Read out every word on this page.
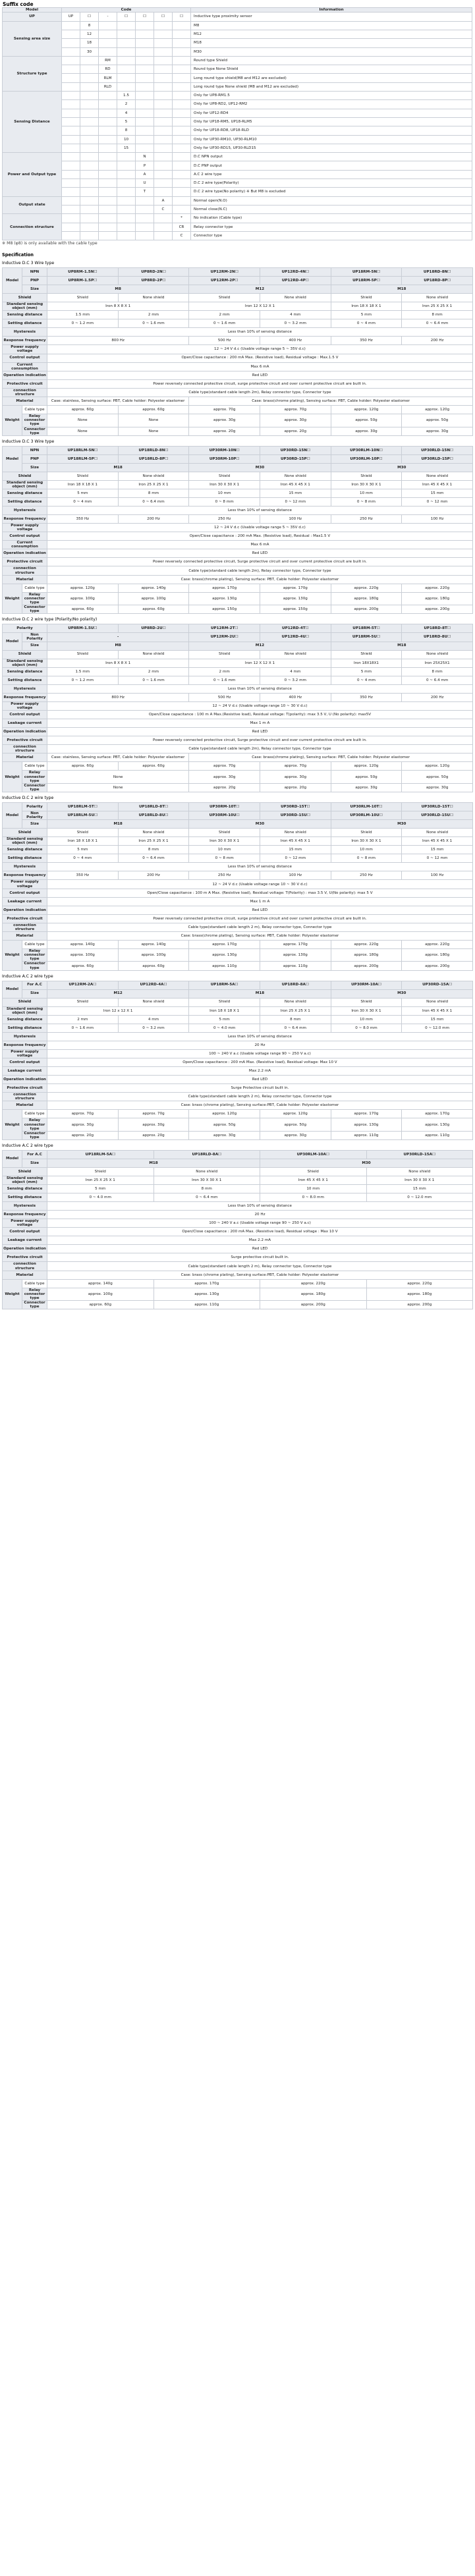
Suffix code
Model	Code							Information
UP	UP	☐	-	☐	☐	☐	☐	Inductive type proximity sensor
Sensing area size		8						M8
		12						M12
		18						M18
		30						M30
Structure type			RM					Round type Shield
			RD					Round type None Shield
			RLM					Long round type shield(M8 and M12 are excluded)
			RLD					Long round type None shield (M8 and M12 are excluded)
Sensing Distance				1.5				Only for UP8-RM1.5
				2				Only for UP8-RD2, UP12-RM2
				4				Only for UP12-RD4
				5				Only for UP18-RM5, UP18-RLM5
				8				Only for UP18-RD8, UP18-RLD
				10				Only for UP30-RM10, UP30-RLM10
				15				Only for UP30-RD15, UP30-RLD15
Power and Output type					N			D.C NPN output
					P			D.C PNP output
					A			A.C 2 wire type
					U			D.C 2 wire type(Polarity)
					T			D.C 2 wire type(No polarity) ※ But M8 is excluded
Output state						A		Normal open(N.O)
						C		Normal close(N.C)
Connection structure							*	No indication (Cable type)
							CR	Relay connector type
							C	Connector type
※ M8 (φ8) is only available with the cable type
Specification
Inductive D.C 3 Wire type
Model	NPN	UP8RM-1.5N☐	UP8RD-2N☐	UP12RM-2N☐	UP12RD-4N☐	UP18RM-5N☐	UP18RD-8N☐
	PNP	UP8RM-1.5P☐	UP8RD-2P☐	UP12RM-2P☐	UP12RD-4P☐	UP18RM-5P☐	UP18RD-8P☐
	Size	M8		M12		M18	
Shield		Shield	None shield	Shield	None shield	Shield	None shield
Standard sensing object (mm)		Iron 8 X 8 X 1		Iron 12 X 12 X 1		Iron 18 X 18 X 1	Iron 25 X 25 X 1
Sensing distance		1.5 mm	2 mm	2 mm	4 mm	5 mm	8 mm
Setting distance		0 ~ 1.2 mm	0 ~ 1.6 mm	0 ~ 1.6 mm	0 ~ 3.2 mm	0 ~ 4 mm	0 ~ 6.4 mm
Hysteresis		Less than 10% of sensing distance					
Response frequency		800 Hz		500 Hz	400 Hz	350 Hz	200 Hz
Power supply voltage		12 ~ 24 V d.c (Usable voltage range 5 ~ 35V d.c)					
Control output		Open/Close capacitance : 200 mA Max. (Resistive load), Residual voltage : Max.1.5 V					
Current consumption		Max 6 mA					
Operation indication		Red LED					
Protective circuit		Power reversely connected protective circuit, surge protective circuit and over current protective circuit are built in.					
connection structure		Cable type(standard cable length 2m), Relay connector type, Connector type					
Material		Case: stainless, Sensing surface: PBT, Cable holder: Polyester elastomer		Case: brass(chrome plating), Sensing surface: PBT, Cable holder: Polyester elastomer			
Weight	Cable type	approx. 60g	approx. 60g	approx. 70g	approx. 70g	approx. 120g	approx. 120g
	Relay connector type	None	None	approx. 30g	approx. 30g	approx. 50g	approx. 50g
	Connector type	None	None	approx. 20g	approx. 20g	approx. 30g	approx. 30g
Inductive D.C 3 Wire type
Model	NPN	UP18RLM-5N☐	UP18RLD-8N☐	UP30RM-10N☐	UP30RD-15N☐	UP30RLM-10N☐	UP30RLD-15N☐
	PNP	UP18RLM-5P☐	UP18RLD-8P☐	UP30RM-10P☐	UP30RD-15P☐	UP30RLM-10P☐	UP30RLD-15P☐
	Size	M18		M30		M30	
Shield		Shield	None shield	Shield	None shield	Shield	None shield
Standard sensing object (mm)		Iron 18 X 18 X 1	Iron 25 X 25 X 1	Iron 30 X 30 X 1	Iron 45 X 45 X 1	Iron 30 X 30 X 1	Iron 45 X 45 X 1
Sensing distance		5 mm	8 mm	10 mm	15 mm	10 mm	15 mm
Setting distance		0 ~ 4 mm	0 ~ 6.4 mm	0 ~ 8 mm	0 ~ 12 mm	0 ~ 8 mm	0 ~ 12 mm
Hysteresis		Less than 10% of sensing distance					
Response frequency		350 Hz	200 Hz	250 Hz	100 Hz	250 Hz	100 Hz
Power supply voltage		12 ~ 24 V d.c (Usable voltage range 5 ~ 35V d.c)					
Control output		Open/Close capacitance : 200 mA Max. (Resistive load), Residual : Max1.5 V					
Current consumption		Max 6 mA					
Operation indication		Red LED					
Protective circuit		Power reversely connected protective circuit, Surge protective circuit and over current protective circuit are built in.					
connection structure		Cable type(standard cable length 2m), Relay connector type, Connector type					
Material		Case: brass(chrome plating), Sensing surface: PBT, Cable holder: Polyester elastomer					
Weight	Cable type	approx. 120g	approx. 140g	approx. 170g	approx. 170g	approx. 220g	approx. 220g
	Relay connector type	approx. 100g	approx. 100g	approx. 130g	approx. 130g	approx. 180g	approx. 180g
	Connector type	approx. 60g	approx. 60g	approx. 150g	approx. 150g	approx. 200g	approx. 200g
Inductive D.C 2 wire type (Polarity/No polarity)
Polarity		UP8RM-1.5U☐	UP8RD-2U☐	UP12RM-2T☐	UP12RD-4T☐	UP18RM-5T☐	UP18RD-8T☐
Model	Non Polarity	-		UP12RM-2U☐	UP12RD-4U☐	UP18RM-5U☐	UP18RD-8U☐
	Size	M8		M12		M18	
Shield		Shield	None shield	Shield	None shield	Shield	None shield
Standard sensing object (mm)		Iron 8 X 8 X 1		Iron 12 X 12 X 1		Iron 18X18X1	Iron 25X25X1
Sensing distance		1.5 mm	2 mm	2 mm	4 mm	5 mm	8 mm
Setting distance		0 ~ 1.2 mm	0 ~ 1.6 mm	0 ~ 1.6 mm	0 ~ 3.2 mm	0 ~ 4 mm	0 ~ 6.4 mm
Hysteresis		Less than 10% of sensing distance					
Response frequency		800 Hz		500 Hz	400 Hz	350 Hz	200 Hz
Power supply voltage		12 ~ 24 V d.c (Usable voltage range 10 ~ 30 V d.c)					
Control output		Open/Close capacitance : 100 m A Max.(Resistive load), Residual voltage: T(polarity): max 3.5 V, U (No polarity): max5V					
Leakage current		Max 1 m A					
Operation indication		Red LED					
Protective circuit		Power reversely connected protective circuit, Surge protective circuit and over current protective circuit are built in.					
connection structure		Cable type(standard cable length 2m), Relay connector type, Connector type					
Material		Case: stainless, Sensing surface: PBT, Cable holder: Polyester elastomer		Case: brass(chrome plating), Sensing surface: PBT, Cable holder: Polyester elastomer			
Weight	Cable type	approx. 60g	approx. 60g	approx. 70g	approx. 70g	approx. 120g	approx. 120g
	Relay connector type	None		approx. 30g	approx. 30g	approx. 50g	approx. 50g
	Connector type	None		approx. 20g	approx. 20g	approx. 30g	approx. 30g
Inductive D.C 2 wire type
Model	Polarity	UP18RLM-5T☐	UP18RLD-8T☐	UP30RM-10T☐	UP30RD-15T☐	UP30RLM-10T☐	UP30RLD-15T☐
	Non Polarity	UP18RLM-5U☐	UP18RLD-8U☐	UP30RM-10U☐	UP30RD-15U☐	UP30RLM-10U☐	UP30RLD-15U☐
	Size	M18		M30		M30	
Shield		Shield	None shield	Shield	None shield	Shield	None shield
Standard sensing object (mm)		Iron 18 X 18 X 1	Iron 25 X 25 X 1	Iron 30 X 30 X 1	Iron 45 X 45 X 1	Iron 30 X 30 X 1	Iron 45 X 45 X 1
Sensing distance		5 mm	8 mm	10 mm	15 mm	10 mm	15 mm
Setting distance		0 ~ 4 mm	0 ~ 6.4 mm	0 ~ 8 mm	0 ~ 12 mm	0 ~ 8 mm	0 ~ 12 mm
Hysteresis		Less than 10% of sensing distance					
Response frequency		350 Hz	200 Hz	250 Hz	100 Hz	250 Hz	100 Hz
Power supply voltage		12 ~ 24 V d.c (Usable voltage range 10 ~ 30 V d.c)					
Control output		Open/Close capacitance : 100 m A Max. (Resistive load), Residual voltage: T(Polarity) : max 3.5 V, U(No polarity): max 5 V					
Leakage current		Max 1 m A					
Operation indication		Red LED					
Protective circuit		Power reversely connected protective circuit, surge protective circuit and over current protective circuit are built in.					
connection structure		Cable type(standard cable length 2 m), Relay connector type, Connector type					
Material		Case: brass(chrome plating), Sensing surface: PBT, Cable holder: Polyester elastomer					
Weight	Cable type	approx. 140g	approx. 140g	approx. 170g	approx. 170g	approx. 220g	approx. 220g
	Relay connector type	approx. 100g	approx. 100g	approx. 130g	approx. 130g	approx. 180g	approx. 180g
	Connector type	approx. 60g	approx. 60g	approx. 110g	approx. 110g	approx. 200g	approx. 200g
Inductive A.C 2 wire type
Model	For A.C	UP12RM-2A☐	UP12RD-4A☐	UP18RM-5A☐	UP18RD-8A☐	UP30RM-10A☐	UP30RD-15A☐
	Size	M12		M18		M30	
Shield		Shield	None shield	Shield	None shield	Shield	None shield
Standard sensing object (mm)		Iron 12 x 12 X 1		Iron 18 X 18 X 1	Iron 25 X 25 X 1	Iron 30 X 30 X 1	Iron 45 X 45 X 1
Sensing distance		2 mm	4 mm	5 mm	8 mm	10 mm	15 mm
Setting distance		0 ~ 1.6 mm	0 ~ 3.2 mm	0 ~ 4.0 mm	0 ~ 6.4 mm	0 ~ 8.0 mm	0 ~ 12.0 mm
Hysteresis		Less than 10% of sensing distance					
Response frequency		20 Hz					
Power supply voltage		100 ~ 240 V a.c (Usable voltage range 90 ~ 250 V a.c)					
Control output		Open/Close capacitance : 200 mA Max. (Resistive load), Residual voltage: Max 10 V					
Leakage current		Max 2.2 mA					
Operation indication		Red LED					
Protective circuit		Surge Protective circuit built in.					
connection structure		Cable type(standard cable length 2 m), Relay connector type, Connector type					
Material		Case: brass (chrome plating), Sensing surface:PBT, Cable holder: Polyester elastomer					
Weight	Cable type	approx. 70g	approx. 70g	approx. 120g	approx. 120g	approx. 170g	approx. 170g
	Relay connector type	approx. 30g	approx. 30g	approx. 50g	approx. 50g	approx. 130g	approx. 130g
	Connector type	approx. 20g	approx. 20g	approx. 30g	approx. 30g	approx. 110g	approx. 110g
Inductive A.C 2 wire type
Model	For A.C	UP18RLM-5A☐	UP18RLD-8A☐	UP30RLM-10A☐	UP30RLD-15A☐
	Size	M18		M30	
Shield		Shield	None shield	Shield	None shield
Standard sensing object (mm)		Iron 25 X 25 X 1	Iron 30 X 30 X 1	Iron 45 X 45 X 1	Iron 30 X 30 X 1
Sensing distance		5 mm	8 mm	10 mm	15 mm
Setting distance		0 ~ 4.0 mm	0 ~ 6.4 mm	0 ~ 8.0 mm	0 ~ 12.0 mm
Hysteresis		Less than 10% of sensing distance			
Response frequency		20 Hz			
Power supply voltage		100 ~ 240 V a.c (Usable voltage range 90 ~ 250 V a.c)			
Control output		Open/Close capacitance : 200 mA Max. (Resistive load), Residual voltage : Max 10 V			
Leakage current		Max 2.2 mA			
Operation indication		Red LED			
Protective circuit		Surge protective circuit built in.			
connection structure		Cable type(standard cable length 2 m), Relay connector type, Connector type			
Material		Case: brass (chrome plating), Sensing surface:PBT, Cable holder: Polyester elastomer			
Weight	Cable type	approx. 140g	approx. 170g	approx. 220g	approx. 220g
	Relay connector type	approx. 100g	approx. 130g	approx. 180g	approx. 180g
	Connector type	approx. 60g	approx. 110g	approx. 200g	approx. 200g
